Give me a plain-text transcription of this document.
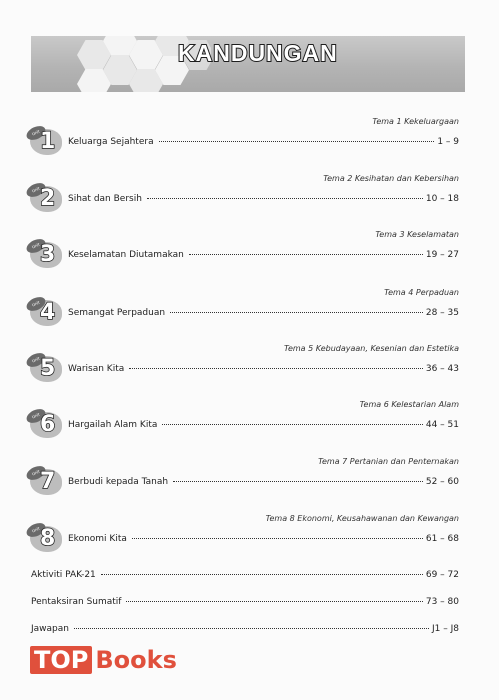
KANDUNGAN
Tema 1 Kekeluargaan
Unit 1 Keluarga Sejahtera	1 – 9
Tema 2 Kesihatan dan Kebersihan
Unit 2 Sihat dan Bersih	10 – 18
Tema 3 Keselamatan
Unit 3 Keselamatan Diutamakan	19 – 27
Tema 4 Perpaduan
Unit 4 Semangat Perpaduan	28 – 35
Tema 5 Kebudayaan, Kesenian dan Estetika
Unit 5 Warisan Kita	36 – 43
Tema 6 Kelestarian Alam
Unit 6 Hargailah Alam Kita	44 – 51
Tema 7 Pertanian dan Penternakan
Unit 7 Berbudi kepada Tanah	52 – 60
Tema 8 Ekonomi, Keusahawanan dan Kewangan
Unit 8 Ekonomi Kita	61 – 68
Aktiviti PAK-21	69 – 72
Pentaksiran Sumatif	73 – 80
Jawapan	J1 – J8
TOP Books
